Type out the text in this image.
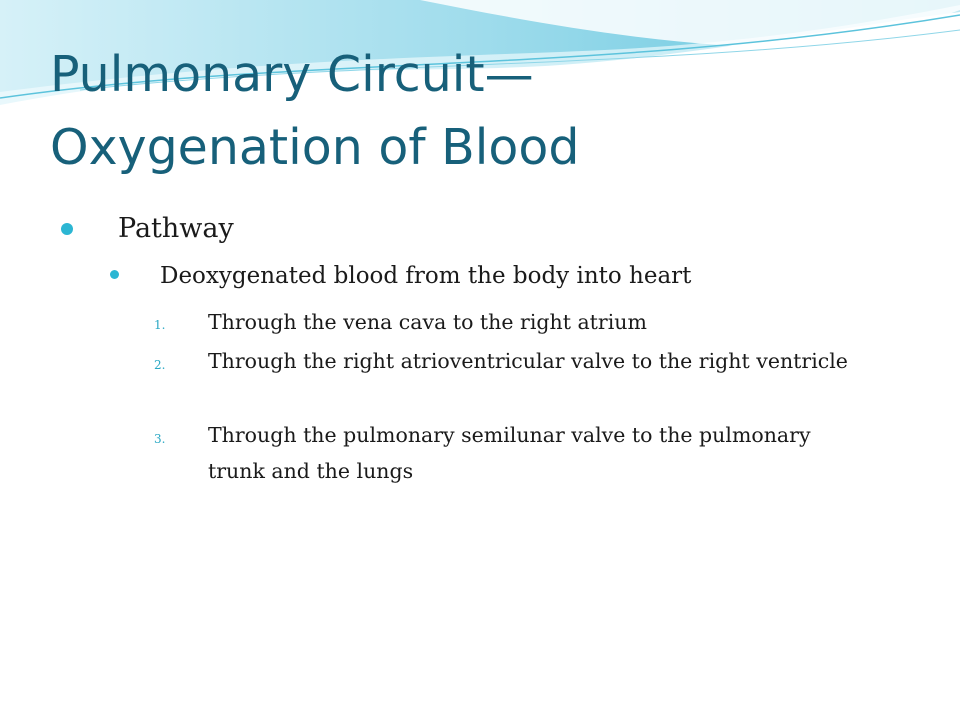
Pulmonary Circuit—
Oxygenation of Blood
Pathway
Deoxygenated blood from the body into heart
1. Through the vena cava to the right atrium
2. Through the right atrioventricular valve to the right ventricle
3. Through the pulmonary semilunar valve to the pulmonary trunk and the lungs
